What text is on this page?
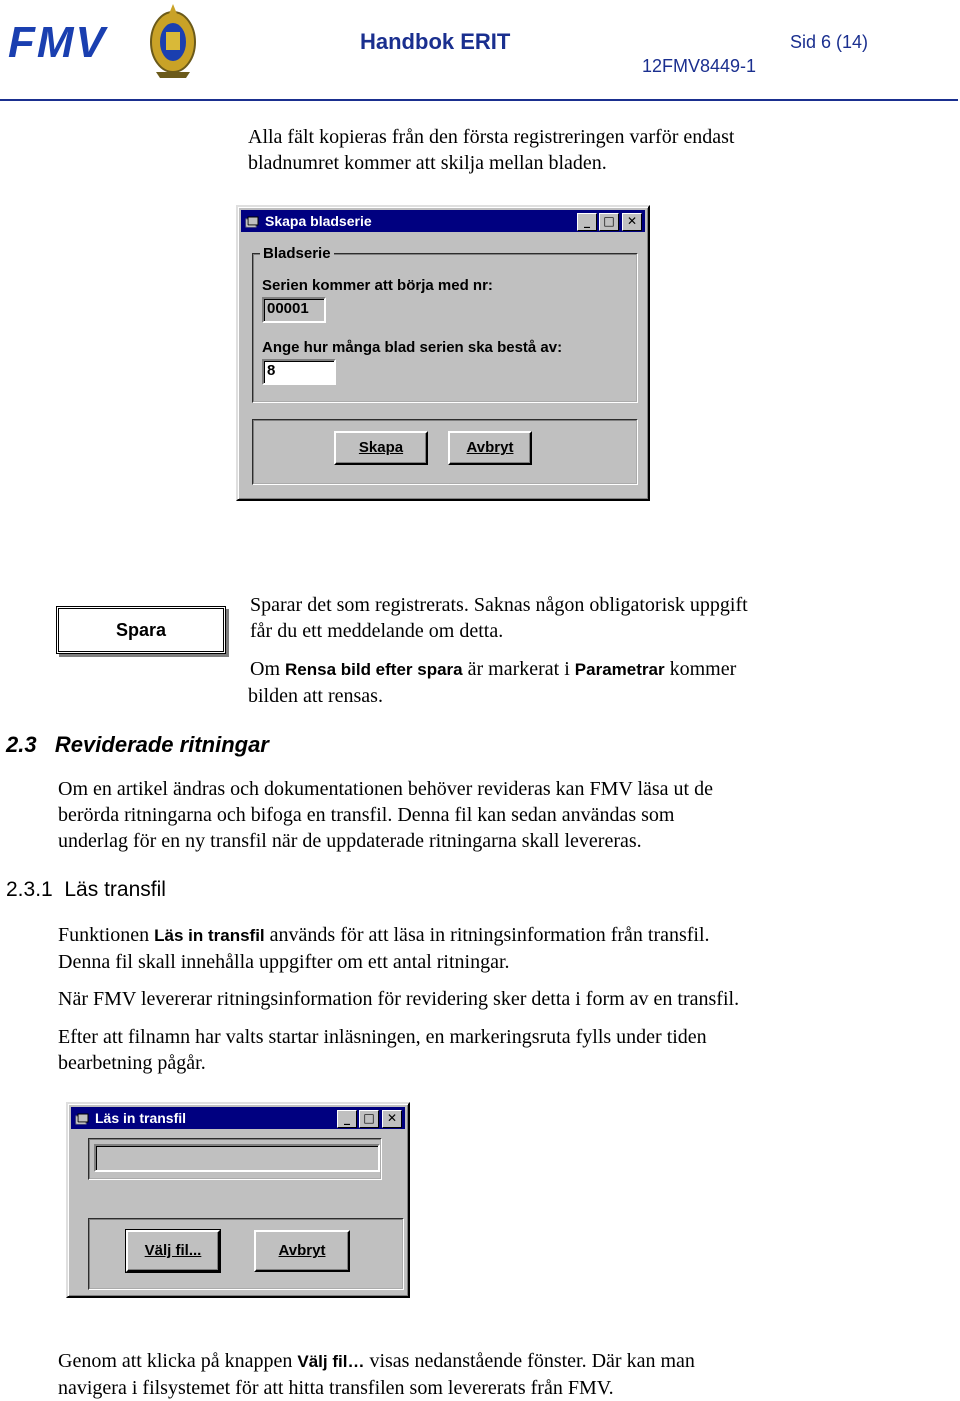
FMV	Handbok ERIT	Sid 6 (14)
12FMV8449-1
Alla fält kopieras från den första registreringen varför endast
bladnumret kommer att skilja mellan bladen.
Skapa bladserie	_	□	✕
Bladserie
Serien kommer att börja med nr:
00001
Ange hur många blad serien ska bestå av:
8
Skapa	Avbryt
Spara
Sparar det som registrerats. Saknas någon obligatorisk uppgift
får du ett meddelande om detta.
Om Rensa bild efter spara är markerat i Parametrar kommer
bilden att rensas.
2.3   Reviderade ritningar
Om en artikel ändras och dokumentationen behöver revideras kan FMV läsa ut de
berörda ritningarna och bifoga en transfil. Denna fil kan sedan användas som
underlag för en ny transfil när de uppdaterade ritningarna skall levereras.
2.3.1  Läs transfil
Funktionen Läs in transfil används för att läsa in ritningsinformation från transfil.
Denna fil skall innehålla uppgifter om ett antal ritningar.
När FMV levererar ritningsinformation för revidering sker detta i form av en transfil.
Efter att filnamn har valts startar inläsningen, en markeringsruta fylls under tiden
bearbetning pågår.
Läs in transfil	_	□	✕
Välj fil...	Avbryt
Genom att klicka på knappen Välj fil… visas nedanstående fönster. Där kan man
navigera i filsystemet för att hitta transfilen som levererats från FMV.
